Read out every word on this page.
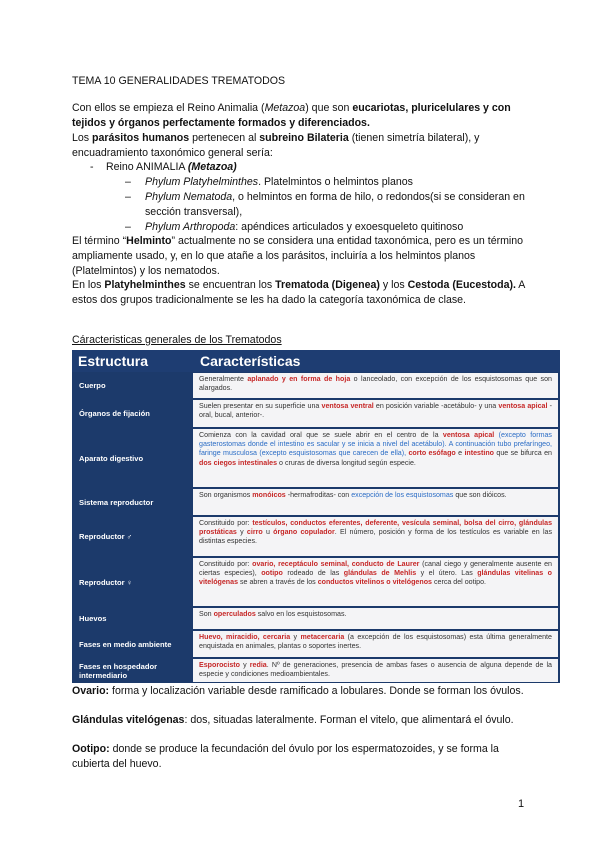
TEMA 10 GENERALIDADES TREMATODOS
Con ellos se empieza el Reino Animalia (Metazoa) que son eucariotas, pluricelulares y con tejidos y órganos perfectamente formados y diferenciados.
Los parásitos humanos pertenecen al subreino Bilateria (tienen simetría bilateral), y encuadramiento taxonómico general sería:
- Reino ANIMALIA (Metazoa)
– Phylum Platyhelminthes. Platelmintos o helmintos planos
– Phylum Nematoda, o helmintos en forma de hilo, o redondos(si se consideran en sección transversal),
– Phylum Arthropoda: apéndices articulados y exoesqueleto quitinoso
El término “Helminto” actualmente no se considera una entidad taxonómica, pero es un término ampliamente usado, y, en lo que atañe a los parásitos, incluiría a los helmintos planos (Platelmintos) y los nematodos.
En los Platyhelminthes se encuentran los Trematoda (Digenea) y los Cestoda (Eucestoda). A estos dos grupos tradicionalmente se les ha dado la categoría taxonómica de clase.
Cáracteristicas generales de los Trematodos
Estructura	Características
Cuerpo
Generalmente aplanado y en forma de hoja o lanceolado, con excepción de los esquistosomas que son alargados.
Órganos de fijación
Suelen presentar en su superficie una ventosa ventral en posición variable -acetábulo- y una ventosa apical -oral, bucal, anterior-.
Aparato digestivo
Comienza con la cavidad oral que se suele abrir en el centro de la ventosa apical (excepto formas gasterostomas donde el intestino es sacular y se inicia a nivel del acetábulo). A continuación tubo prefaríngeo, faringe musculosa (excepto esquistosomas que carecen de ella), corto esófago e intestino que se bifurca en dos ciegos intestinales o cruras de diversa longitud según especie.
Sistema reproductor
Son organismos monóicos -hermafroditas- con excepción de los esquistosomas que son dióicos.
Reproductor ♂
Constituido por: testículos, conductos eferentes, deferente, vesícula seminal, bolsa del cirro, glándulas prostáticas y cirro u órgano copulador. El número, posición y forma de los testículos es variable en las distintas especies.
Reproductor ♀
Constituido por: ovario, receptáculo seminal, conducto de Laurer (canal ciego y generalmente ausente en ciertas especies), ootipo rodeado de las glándulas de Mehlis y el útero. Las glándulas vitelinas o vitelógenas se abren a través de los conductos vitelinos o vitelógenos cerca del ootipo.
Huevos	Son operculados salvo en los esquistosomas.
Fases en medio ambiente
Huevo, miracidio, cercaria y metacercaria (a excepción de los esquistosomas) esta última generalmente enquistada en animales, plantas o soportes inertes.
Fases en hospedador intermediario
Esporocisto y redia. Nº de generaciones, presencia de ambas fases o ausencia de alguna depende de la especie y condiciones medioambientales.
Ovario: forma y localización variable desde ramificado a lobulares. Donde se forman los óvulos.
Glándulas vitelógenas: dos, situadas lateralmente. Forman el vitelo, que alimentará el óvulo.
Ootipo: donde se produce la fecundación del óvulo por los espermatozoides, y se forma la cubierta del huevo.
1
